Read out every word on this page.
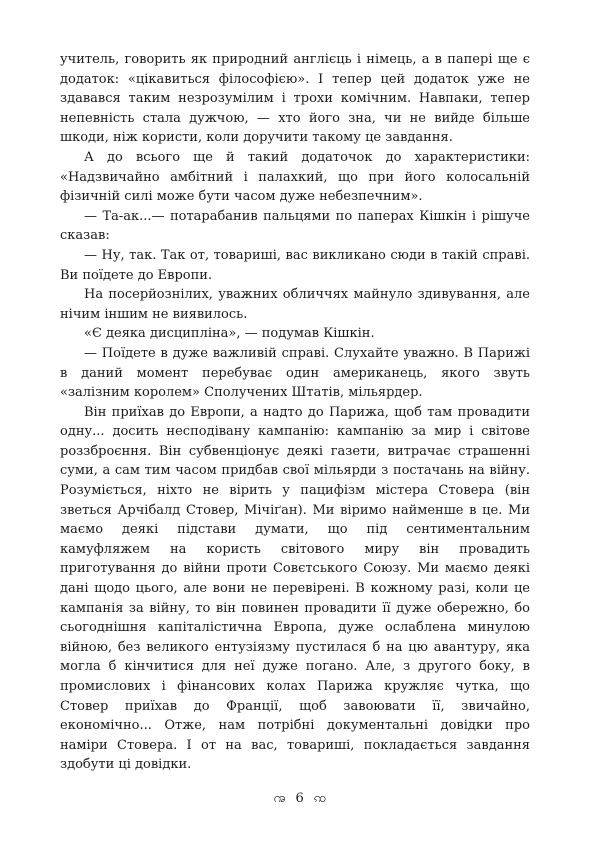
учитель, говорить як природний англієць і німець, а в папері ще є додаток: «цікавиться філософією». І тепер цей додаток уже не здавався таким незрозумілим і трохи комічним. Навпаки, тепер непевність стала дужчою, — хто його зна, чи не вийде більше шкоди, ніж користи, коли доручити такому це завдання.

А до всього ще й такий додаточок до характеристики: «Надзвичайно амбітний і палахкий, що при його колосальній фізичній силі може бути часом дуже небезпечним».

— Та-ак...— потарабанив пальцями по паперах Кішкін і рішуче сказав:

— Ну, так. Так от, товариші, вас викликано сюди в такій справі. Ви поїдете до Европи.

На посерйознілих, уважних обличчях майнуло здивування, але нічим іншим не виявилось.

«Є деяка дисципліна», — подумав Кішкін.

— Поїдете в дуже важливій справі. Слухайте уважно. В Парижі в даний момент перебуває один американець, якого звуть «залізним королем» Сполучених Штатів, мільярдер.

Він приїхав до Европи, а надто до Парижа, щоб там провадити одну... досить несподівану кампанію: кампанію за мир і світове роззброєння. Він субвенціонує деякі газети, витрачає страшенні суми, а сам тим часом придбав свої мільярди з постачань на війну. Розуміється, ніхто не вірить у пацифізм містера Стовера (він зветься Арчібалд Стовер, Мічіґан). Ми віримо найменше в це. Ми маємо деякі підстави думати, що під сентиментальним камуфляжем на користь світового миру він провадить приготування до війни проти Совєтського Союзу. Ми маємо деякі дані щодо цього, але вони не перевірені. В кожному разі, коли це кампанія за війну, то він повинен провадити її дуже обережно, бо сьогоднішня капіталістична Европа, дуже ослаблена минулою війною, без великого ентузіязму пустилася б на цю авантуру, яка могла б кінчитися для неї дуже погано. Але, з другого боку, в промислових і фінансових колах Парижа кружляє чутка, що Стовер приїхав до Франції, щоб завоювати її, звичайно, економічно... Отже, нам потрібні документальні довідки про наміри Стовера. І от на вас, товариші, покладається завдання здобути ці довідки.

ꩠ 6 ꩡ
